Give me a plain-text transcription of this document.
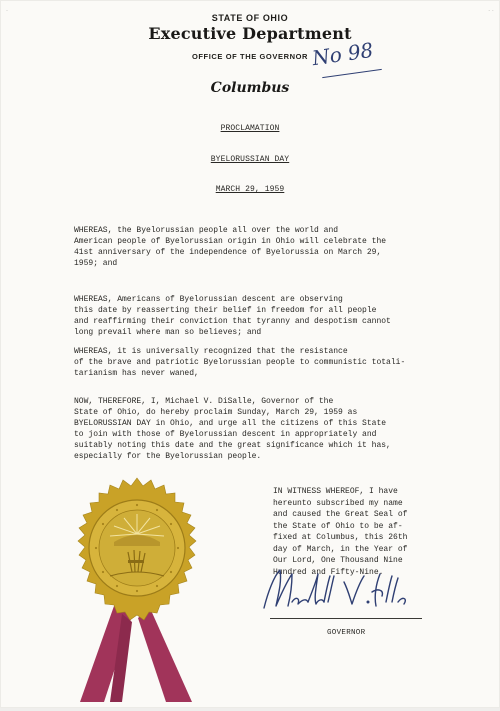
·	· ·
STATE OF OHIO
Executive Department
OFFICE OF THE GOVERNOR
Columbus
No 98
PROCLAMATION
BYELORUSSIAN DAY
MARCH 29, 1959
WHEREAS, the Byelorussian people all over the world and
American people of Byelorussian origin in Ohio will celebrate the
41st anniversary of the independence of Byelorussia on March 29,
1959; and
WHEREAS, Americans of Byelorussian descent are observing
this date by reasserting their belief in freedom for all people
and reaffirming their conviction that tyranny and despotism cannot
long prevail where man so believes; and
WHEREAS, it is universally recognized that the resistance
of the brave and patriotic Byelorussian people to communistic totali-
tarianism has never waned,
NOW, THEREFORE, I, Michael V. DiSalle, Governor of the
State of Ohio, do hereby proclaim Sunday, March 29, 1959 as
BYELORUSSIAN DAY in Ohio, and urge all the citizens of this State
to join with those of Byelorussian descent in appropriately and
suitably noting this date and the great significance which it has,
especially for the Byelorussian people.
IN WITNESS WHEREOF, I have
hereunto subscribed my name
and caused the Great Seal of
the State of Ohio to be af-
fixed at Columbus, this 26th
day of March, in the Year of
Our Lord, One Thousand Nine
Hundred and Fifty-Nine.
GOVERNOR
